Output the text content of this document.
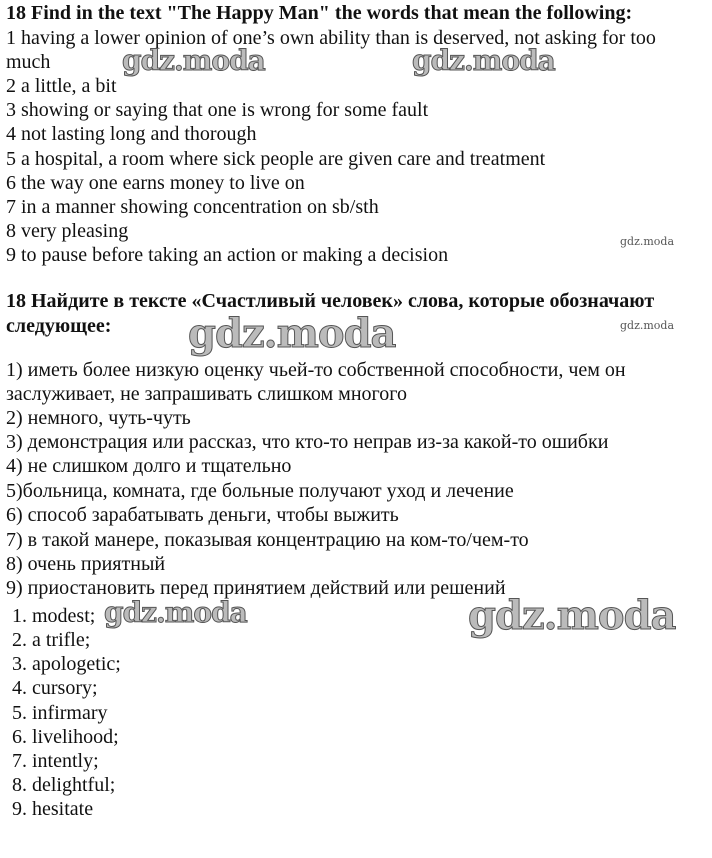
18 Find in the text "The Happy Man" the words that mean the following:
1 having a lower opinion of one’s own ability than is deserved, not asking for too
much
2 a little, a bit
3 showing or saying that one is wrong for some fault
4 not lasting long and thorough
5 a hospital, a room where sick people are given care and treatment
6 the way one earns money to live on
7 in a manner showing concentration on sb/sth
8 very pleasing
9 to pause before taking an action or making a decision
18 Найдите в тексте «Счастливый человек» слова, которые обозначают
следующее:
1) иметь более низкую оценку чьей-то собственной способности, чем он
заслуживает, не запрашивать слишком многого
2) немного, чуть-чуть
3) демонстрация или рассказ, что кто-то неправ из-за какой-то ошибки
4) не слишком долго и тщательно
5)больница, комната, где больные получают уход и лечение
6) способ зарабатывать деньги, чтобы выжить
7) в такой манере, показывая концентрацию на ком-то/чем-то
8) очень приятный
9) приостановить перед принятием действий или решений
1. modest;
2. a trifle;
3. apologetic;
4. cursory;
5. infirmary
6. livelihood;
7. intently;
8. delightful;
9. hesitate
gdz.moda	gdz.moda
gdz.moda
gdz.moda	gdz.moda
gdz.moda	gdz.moda
